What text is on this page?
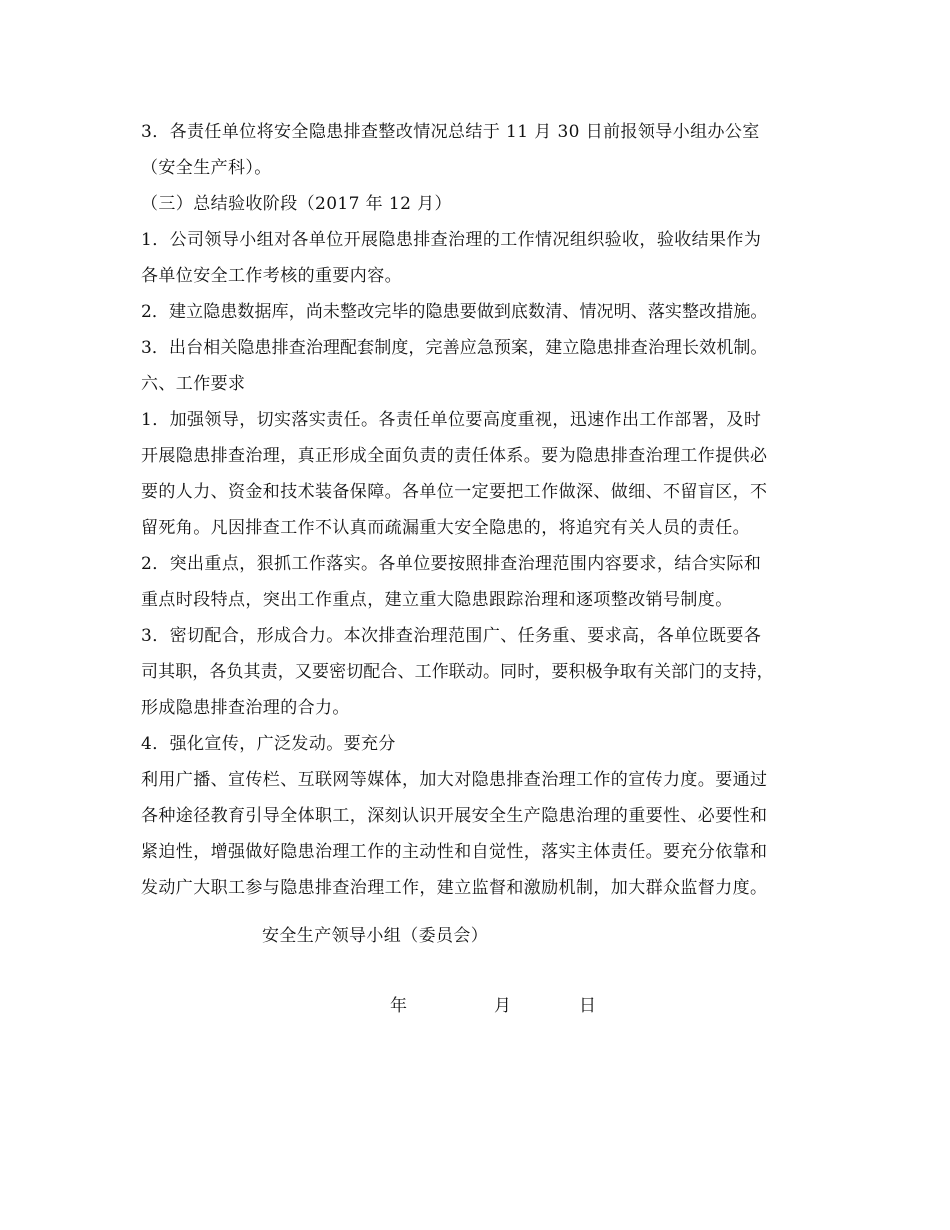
3．各责任单位将安全隐患排查整改情况总结于 11 月 30 日前报领导小组办公室
（安全生产科）。
（三）总结验收阶段（2017 年 12 月）
1．公司领导小组对各单位开展隐患排查治理的工作情况组织验收，验收结果作为
各单位安全工作考核的重要内容。
2．建立隐患数据库，尚未整改完毕的隐患要做到底数清、情况明、落实整改措施。
3．出台相关隐患排查治理配套制度，完善应急预案，建立隐患排查治理长效机制。
六、工作要求
1．加强领导，切实落实责任。各责任单位要高度重视，迅速作出工作部署，及时
开展隐患排查治理，真正形成全面负责的责任体系。要为隐患排查治理工作提供必
要的人力、资金和技术装备保障。各单位一定要把工作做深、做细、不留盲区，不
留死角。凡因排查工作不认真而疏漏重大安全隐患的，将追究有关人员的责任。
2．突出重点，狠抓工作落实。各单位要按照排查治理范围内容要求，结合实际和
重点时段特点，突出工作重点，建立重大隐患跟踪治理和逐项整改销号制度。
3．密切配合，形成合力。本次排查治理范围广、任务重、要求高，各单位既要各
司其职，各负其责，又要密切配合、工作联动。同时，要积极争取有关部门的支持，
形成隐患排查治理的合力。
4．强化宣传，广泛发动。要充分
利用广播、宣传栏、互联网等媒体，加大对隐患排查治理工作的宣传力度。要通过
各种途径教育引导全体职工，深刻认识开展安全生产隐患治理的重要性、必要性和
紧迫性，增强做好隐患治理工作的主动性和自觉性，落实主体责任。要充分依靠和
发动广大职工参与隐患排查治理工作，建立监督和激励机制，加大群众监督力度。
安全生产领导小组（委员会）
年	月	日
